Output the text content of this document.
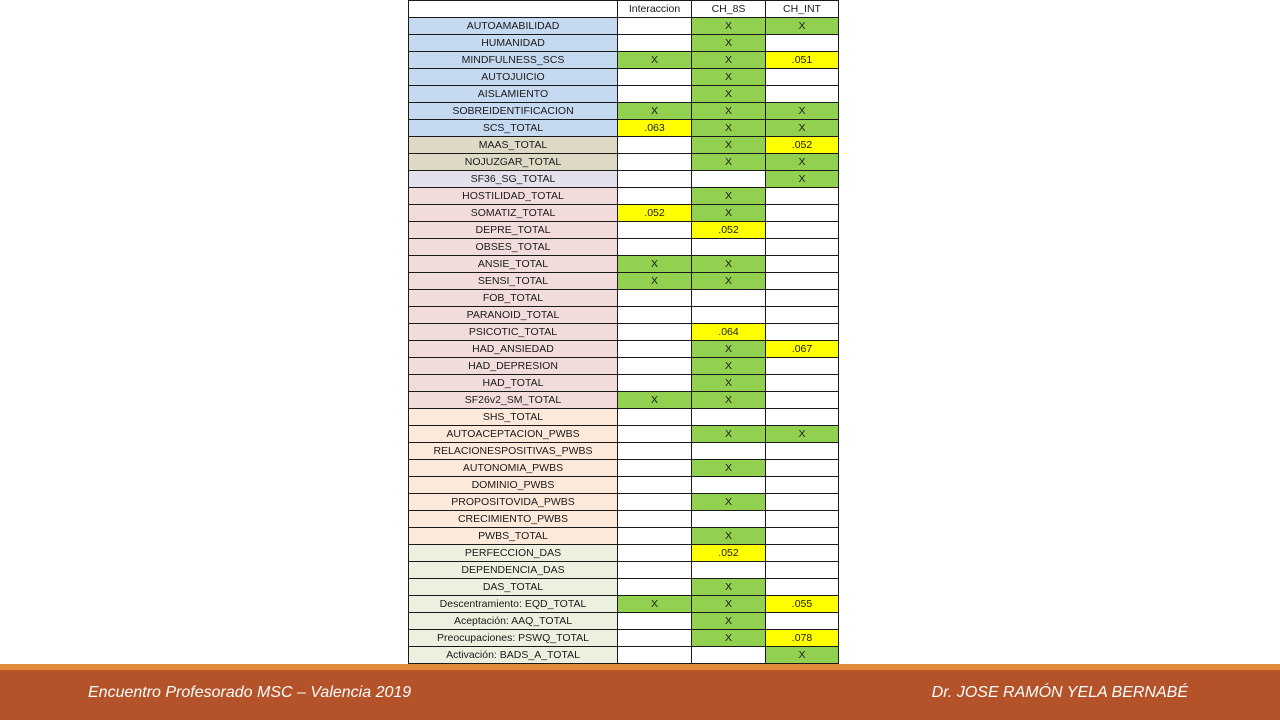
	Interaccion	CH_8S	CH_INT
AUTOAMABILIDAD		X	X
HUMANIDAD		X	
MINDFULNESS_SCS	X	X	.051
AUTOJUICIO		X	
AISLAMIENTO		X	
SOBREIDENTIFICACION	X	X	X
SCS_TOTAL	.063	X	X
MAAS_TOTAL		X	.052
NOJUZGAR_TOTAL		X	X
SF36_SG_TOTAL			X
HOSTILIDAD_TOTAL		X	
SOMATIZ_TOTAL	.052	X	
DEPRE_TOTAL		.052	
OBSES_TOTAL			
ANSIE_TOTAL	X	X	
SENSI_TOTAL	X	X	
FOB_TOTAL			
PARANOID_TOTAL			
PSICOTIC_TOTAL		.064	
HAD_ANSIEDAD		X	.067
HAD_DEPRESION		X	
HAD_TOTAL		X	
SF26v2_SM_TOTAL	X	X	
SHS_TOTAL			
AUTOACEPTACION_PWBS		X	X
RELACIONESPOSITIVAS_PWBS			
AUTONOMIA_PWBS		X	
DOMINIO_PWBS			
PROPOSITOVIDA_PWBS		X	
CRECIMIENTO_PWBS			
PWBS_TOTAL		X	
PERFECCION_DAS		.052	
DEPENDENCIA_DAS			
DAS_TOTAL		X	
Descentramiento: EQD_TOTAL	X	X	.055
Aceptación: AAQ_TOTAL		X	
Preocupaciones: PSWQ_TOTAL		X	.078
Activación: BADS_A_TOTAL			X
Encuentro Profesorado MSC – Valencia 2019	Dr. JOSE RAMÓN YELA BERNABÉ
